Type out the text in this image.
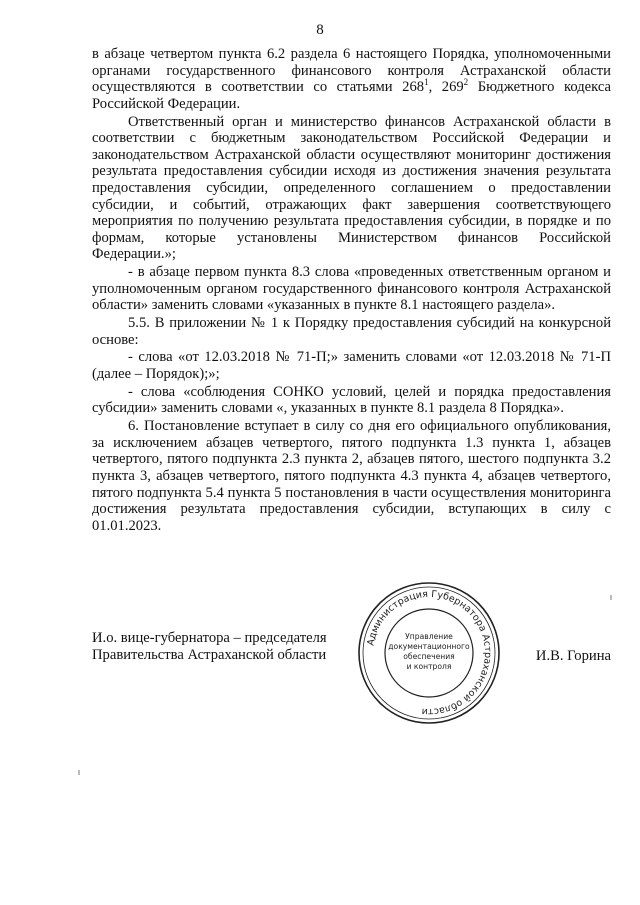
8

в абзаце четвертом пункта 6.2 раздела 6 настоящего Порядка, уполномоченными органами государственного финансового контроля Астраханской области осуществляются в соответствии со статьями $268^1$, $269^2$ Бюджетного кодекса Российской Федерации.

Ответственный орган и министерство финансов Астраханской области в соответствии с бюджетным законодательством Российской Федерации и законодательством Астраханской области осуществляют мониторинг достижения результата предоставления субсидии исходя из достижения значения результата предоставления субсидии, определенного соглашением о предоставлении субсидии, и событий, отражающих факт завершения соответствующего мероприятия по получению результата предоставления субсидии, в порядке и по формам, которые установлены Министерством финансов Российской Федерации.»;

- в абзаце первом пункта 8.3 слова «проведенных ответственным органом и уполномоченным органом государственного финансового контроля Астраханской области» заменить словами «указанных в пункте 8.1 настоящего раздела».

5.5. В приложении № 1 к Порядку предоставления субсидий на конкурсной основе:

- слова «от 12.03.2018 № 71-П;» заменить словами «от 12.03.2018 № 71-П (далее – Порядок);»;

- слова «соблюдения СОНКО условий, целей и порядка предоставления субсидии» заменить словами «, указанных в пункте 8.1 раздела 8 Порядка».

6. Постановление вступает в силу со дня его официального опубликования, за исключением абзацев четвертого, пятого подпункта 1.3 пункта 1, абзацев четвертого, пятого подпункта 2.3 пункта 2, абзацев пятого, шестого подпункта 3.2 пункта 3, абзацев четвертого, пятого подпункта 4.3 пункта 4, абзацев четвертого, пятого подпункта 5.4 пункта 5 постановления в части осуществления мониторинга достижения результата предоставления субсидии, вступающих в силу с 01.01.2023.

И.о. вице-губернатора – председателя
Правительства Астраханской области
Администрация Губернатора Астраханской области
Управление
документационного
обеспечения
и контроля
И.В. Горина
